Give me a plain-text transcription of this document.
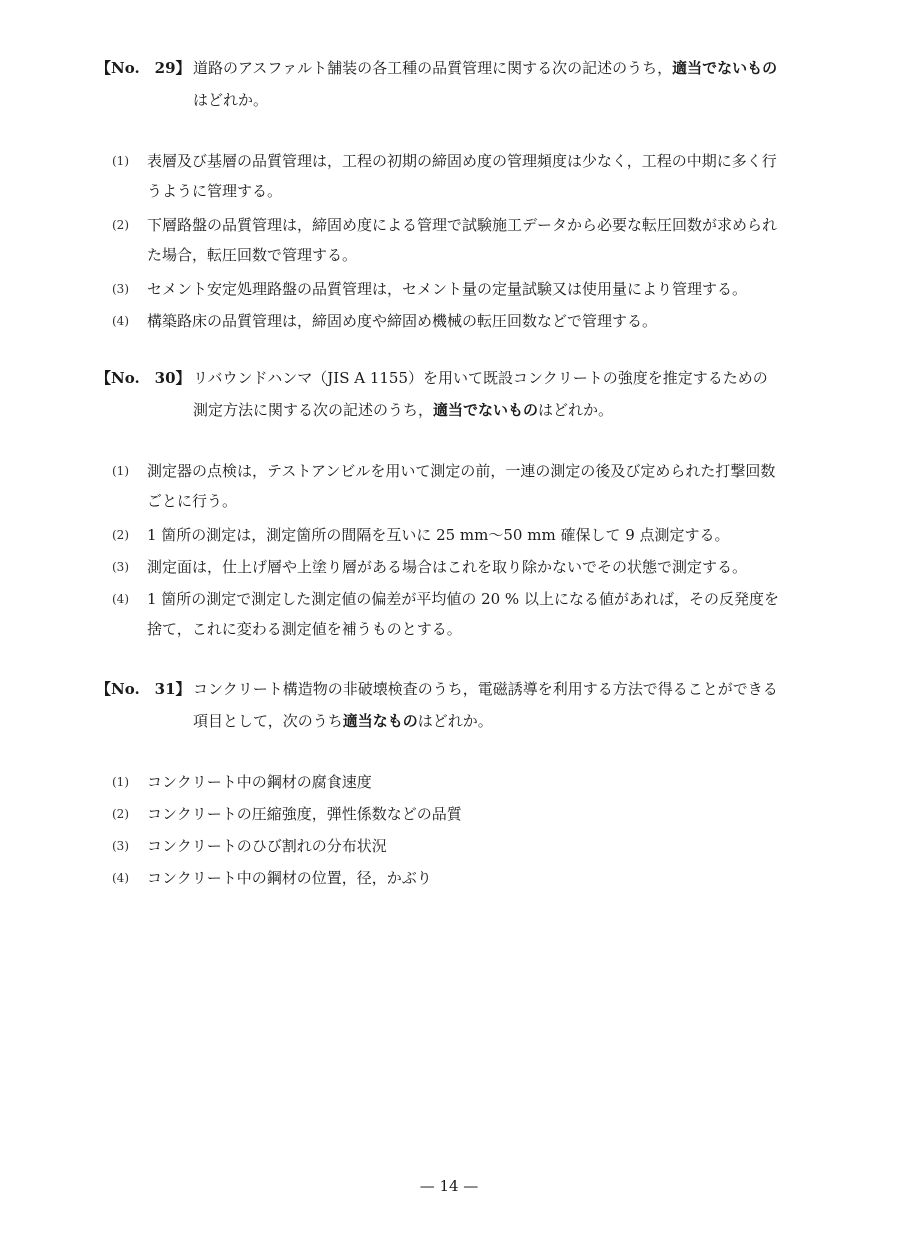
【No.　29】 道路のアスファルト舗装の各工種の品質管理に関する次の記述のうち，適当でないもの
はどれか。
(1)	表層及び基層の品質管理は，工程の初期の締固め度の管理頻度は少なく，工程の中期に多く行
うように管理する。
(2)	下層路盤の品質管理は，締固め度による管理で試験施工データから必要な転圧回数が求められ
た場合，転圧回数で管理する。
(3)	セメント安定処理路盤の品質管理は，セメント量の定量試験又は使用量により管理する。
(4)	構築路床の品質管理は，締固め度や締固め機械の転圧回数などで管理する。
【No.　30】 リバウンドハンマ（JIS A 1155）を用いて既設コンクリートの強度を推定するための
測定方法に関する次の記述のうち，適当でないものはどれか。
(1)	測定器の点検は，テストアンビルを用いて測定の前，一連の測定の後及び定められた打撃回数
ごとに行う。
(2)	1 箇所の測定は，測定箇所の間隔を互いに 25 mm～50 mm 確保して 9 点測定する。
(3)	測定面は，仕上げ層や上塗り層がある場合はこれを取り除かないでその状態で測定する。
(4)	1 箇所の測定で測定した測定値の偏差が平均値の 20 % 以上になる値があれば，その反発度を
捨て，これに変わる測定値を補うものとする。
【No.　31】 コンクリート構造物の非破壊検査のうち，電磁誘導を利用する方法で得ることができる
項目として，次のうち適当なものはどれか。
(1)	コンクリート中の鋼材の腐食速度
(2)	コンクリートの圧縮強度，弾性係数などの品質
(3)	コンクリートのひび割れの分布状況
(4)	コンクリート中の鋼材の位置，径，かぶり
— 14 —
